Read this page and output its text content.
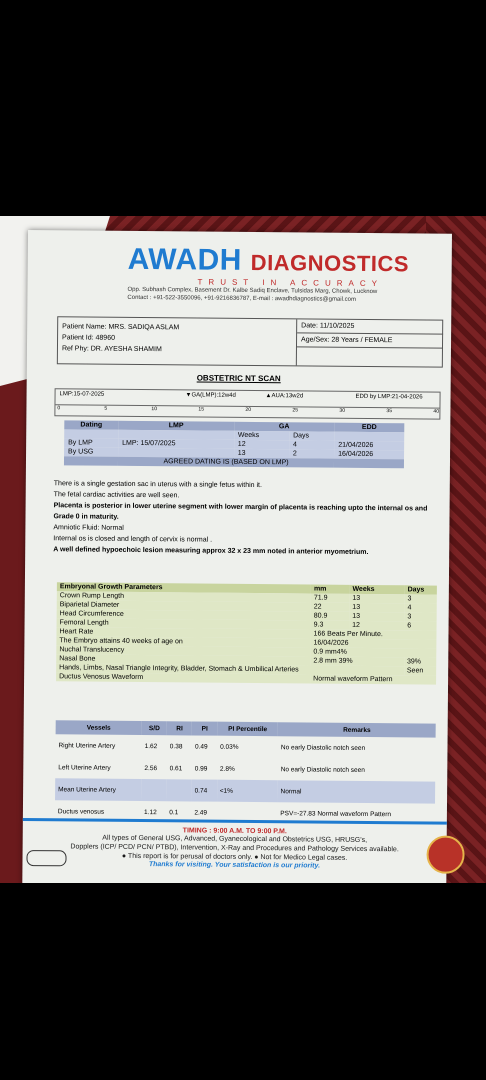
AWADH DIAGNOSTICS
TRUST IN ACCURACY
Opp. Subhash Complex, Basement Dr. Kalbe Sadiq Enclave, Tulsidas Marg, Chowk, Lucknow
Contact : +91-522-3550096, +91-9216836787, E-mail : awadhdiagnostics@gmail.com
Patient Name: MRS. SADIQA ASLAM
Patient Id: 48960
Ref Phy: DR. AYESHA SHAMIM
Date: 11/10/2025
Age/Sex: 28 Years / FEMALE
OBSTETRIC NT SCAN
LMP:15-07-2025	▼GA(LMP):12w4d	▲AUA:13w2d	EDD by LMP:21-04-2026
0	5	10	15	20	25	30	35	40
Dating	LMP	GA		EDD
		Weeks	Days	
By LMP	LMP: 15/07/2025	12	4	21/04/2026
By USG		13	2	16/04/2026
	AGREED DATING IS (BASED ON LMP)			
There is a single gestation sac in uterus with a single fetus within it.
The fetal cardiac activities are well seen.
Placenta is posterior in lower uterine segment with lower margin of placenta is reaching upto the internal os and Grade 0 in maturity.
Amniotic Fluid: Normal
Internal os is closed and length of cervix is normal .
A well defined hypoechoic lesion measuring approx 32 x 23 mm noted in anterior myometrium.
Embryonal Growth Parameters	mm	Weeks	Days
Crown Rump Length	71.9	13	3
Biparietal Diameter	22	13	4
Head Circumference	80.9	13	3
Femoral Length	9.3	12	6
Heart Rate	166 Beats Per Minute.		
The Embryo attains 40 weeks of age on	16/04/2026		
Nuchal Translucency	0.9 mm4%		
Nasal Bone	2.8 mm 39%		39%
Hands, Limbs, Nasal Triangle Integrity, Bladder, Stomach & Umbilical Arteries			Seen
Ductus Venosus Waveform	Normal waveform Pattern		
Vessels	S/D	RI	PI	PI Percentile	Remarks
Right Uterine Artery	1.62	0.38	0.49	0.03%	No early Diastolic notch seen
Left Uterine Artery	2.56	0.61	0.99	2.8%	No early Diastolic notch seen
Mean Uterine Artery			0.74	<1%	Normal
Ductus venosus	1.12	0.1	2.49		PSV=-27.83 Normal waveform Pattern
TIMING : 9:00 A.M. TO 9:00 P.M.
All types of General USG, Advanced, Gyanecological and Obstetrics USG, HRUSG's,
Dopplers (ICP/ PCD/ PCN/ PTBD), Intervention, X-Ray and Procedures and Pathology Services available.
● This report is for perusal of doctors only. ● Not for Medico Legal cases.
Thanks for visiting. Your satisfaction is our priority.
